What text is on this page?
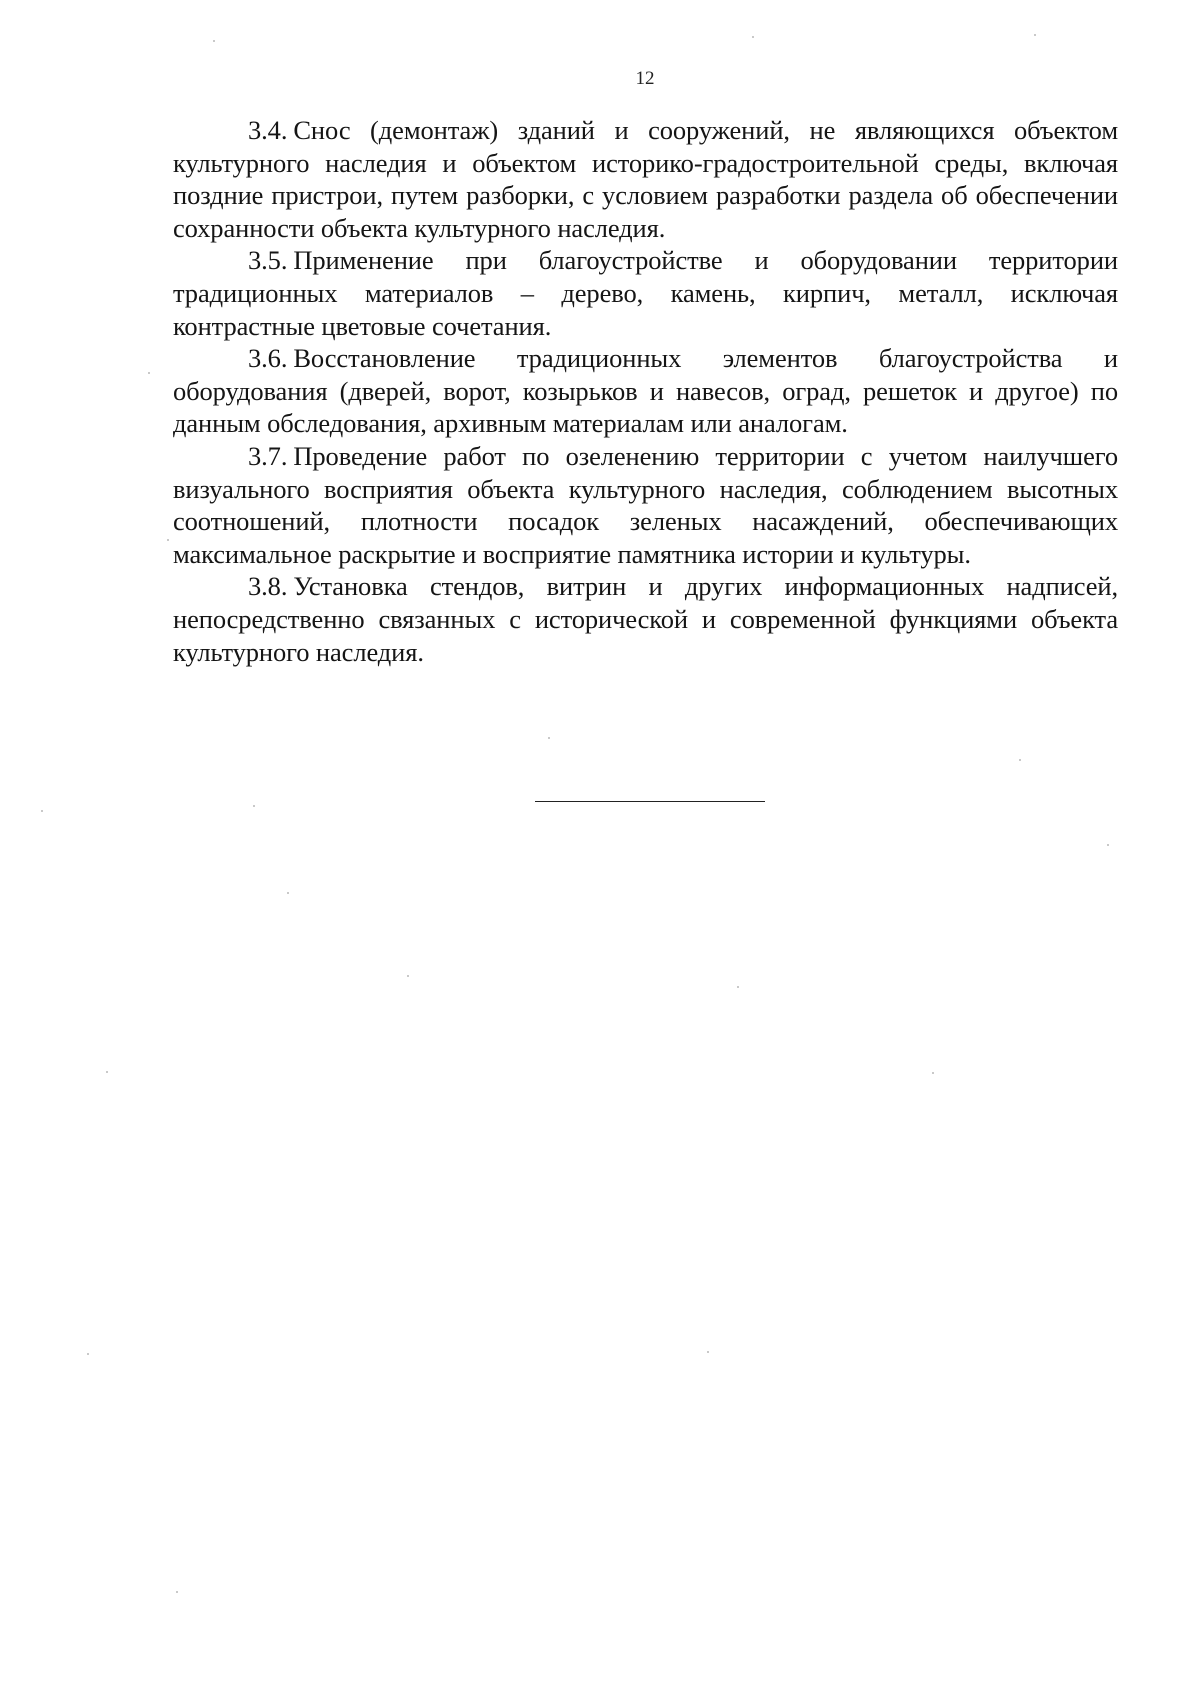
12

3.4. Снос (демонтаж) зданий и сооружений, не являющихся объектом культурного наследия и объектом историко-градостроительной среды, включая поздние пристрои, путем разборки, с условием разработки раздела об обеспечении сохранности объекта культурного наследия.

3.5. Применение при благоустройстве и оборудовании территории традиционных материалов – дерево, камень, кирпич, металл, исключая контрастные цветовые сочетания.

3.6. Восстановление традиционных элементов благоустройства и оборудования (дверей, ворот, козырьков и навесов, оград, решеток и другое) по данным обследования, архивным материалам или аналогам.

3.7. Проведение работ по озеленению территории с учетом наилучшего визуального восприятия объекта культурного наследия, соблюдением высотных соотношений, плотности посадок зеленых насаждений, обеспечивающих максимальное раскрытие и восприятие памятника истории и культуры.

3.8. Установка стендов, витрин и других информационных надписей, непосредственно связанных с исторической и современной функциями объекта культурного наследия.
